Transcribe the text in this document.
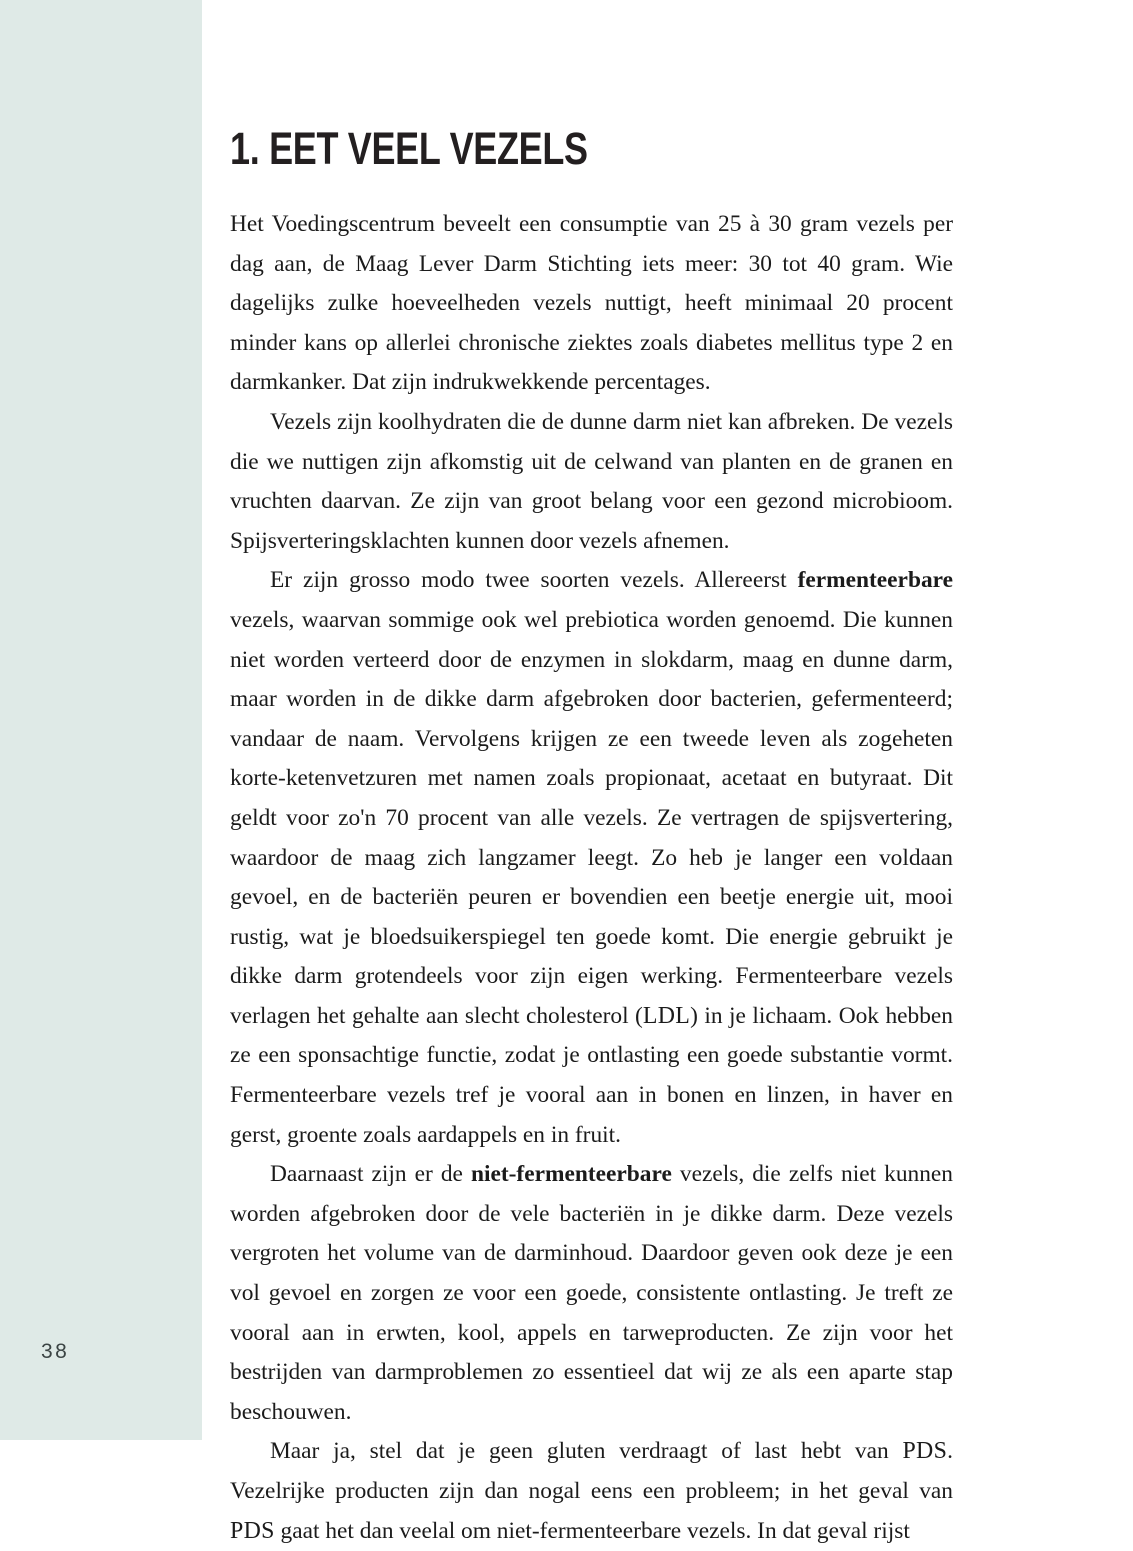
38
1. EET VEEL VEZELS

Het Voedingscentrum beveelt een consumptie van 25 à 30 gram vezels per dag aan, de Maag Lever Darm Stichting iets meer: 30 tot 40 gram. Wie dagelijks zulke hoeveelheden vezels nuttigt, heeft minimaal 20 procent minder kans op allerlei chronische ziektes zoals diabetes mellitus type 2 en darmkanker. Dat zijn indrukwekkende percentages.

Vezels zijn koolhydraten die de dunne darm niet kan afbreken. De vezels die we nuttigen zijn afkomstig uit de celwand van planten en de granen en vruchten daarvan. Ze zijn van groot belang voor een gezond microbioom. Spijsverteringsklachten kunnen door vezels afnemen.

Er zijn grosso modo twee soorten vezels. Allereerst fermenteerbare vezels, waarvan sommige ook wel prebiotica worden genoemd. Die kunnen niet worden verteerd door de enzymen in slokdarm, maag en dunne darm, maar worden in de dikke darm afgebroken door bacterien, gefermenteerd; vandaar de naam. Vervolgens krijgen ze een tweede leven als zogeheten korte-ketenvetzuren met namen zoals propionaat, acetaat en butyraat. Dit geldt voor zo'n 70 procent van alle vezels. Ze vertragen de spijsvertering, waardoor de maag zich langzamer leegt. Zo heb je langer een voldaan gevoel, en de bacteriën peuren er bovendien een beetje energie uit, mooi rustig, wat je bloedsuikerspiegel ten goede komt. Die energie gebruikt je dikke darm grotendeels voor zijn eigen werking. Fermenteerbare vezels verlagen het gehalte aan slecht cholesterol (LDL) in je lichaam. Ook hebben ze een sponsachtige functie, zodat je ontlasting een goede substantie vormt. Fermenteerbare vezels tref je vooral aan in bonen en linzen, in haver en gerst, groente zoals aardappels en in fruit.

Daarnaast zijn er de niet-fermenteerbare vezels, die zelfs niet kunnen worden afgebroken door de vele bacteriën in je dikke darm. Deze vezels vergroten het volume van de darminhoud. Daardoor geven ook deze je een vol gevoel en zorgen ze voor een goede, consistente ontlasting. Je treft ze vooral aan in erwten, kool, appels en tarweproducten. Ze zijn voor het bestrijden van darmproblemen zo essentieel dat wij ze als een aparte stap beschouwen.

Maar ja, stel dat je geen gluten verdraagt of last hebt van PDS. Vezelrijke producten zijn dan nogal eens een probleem; in het geval van PDS gaat het dan veelal om niet-fermenteerbare vezels. In dat geval rijst
